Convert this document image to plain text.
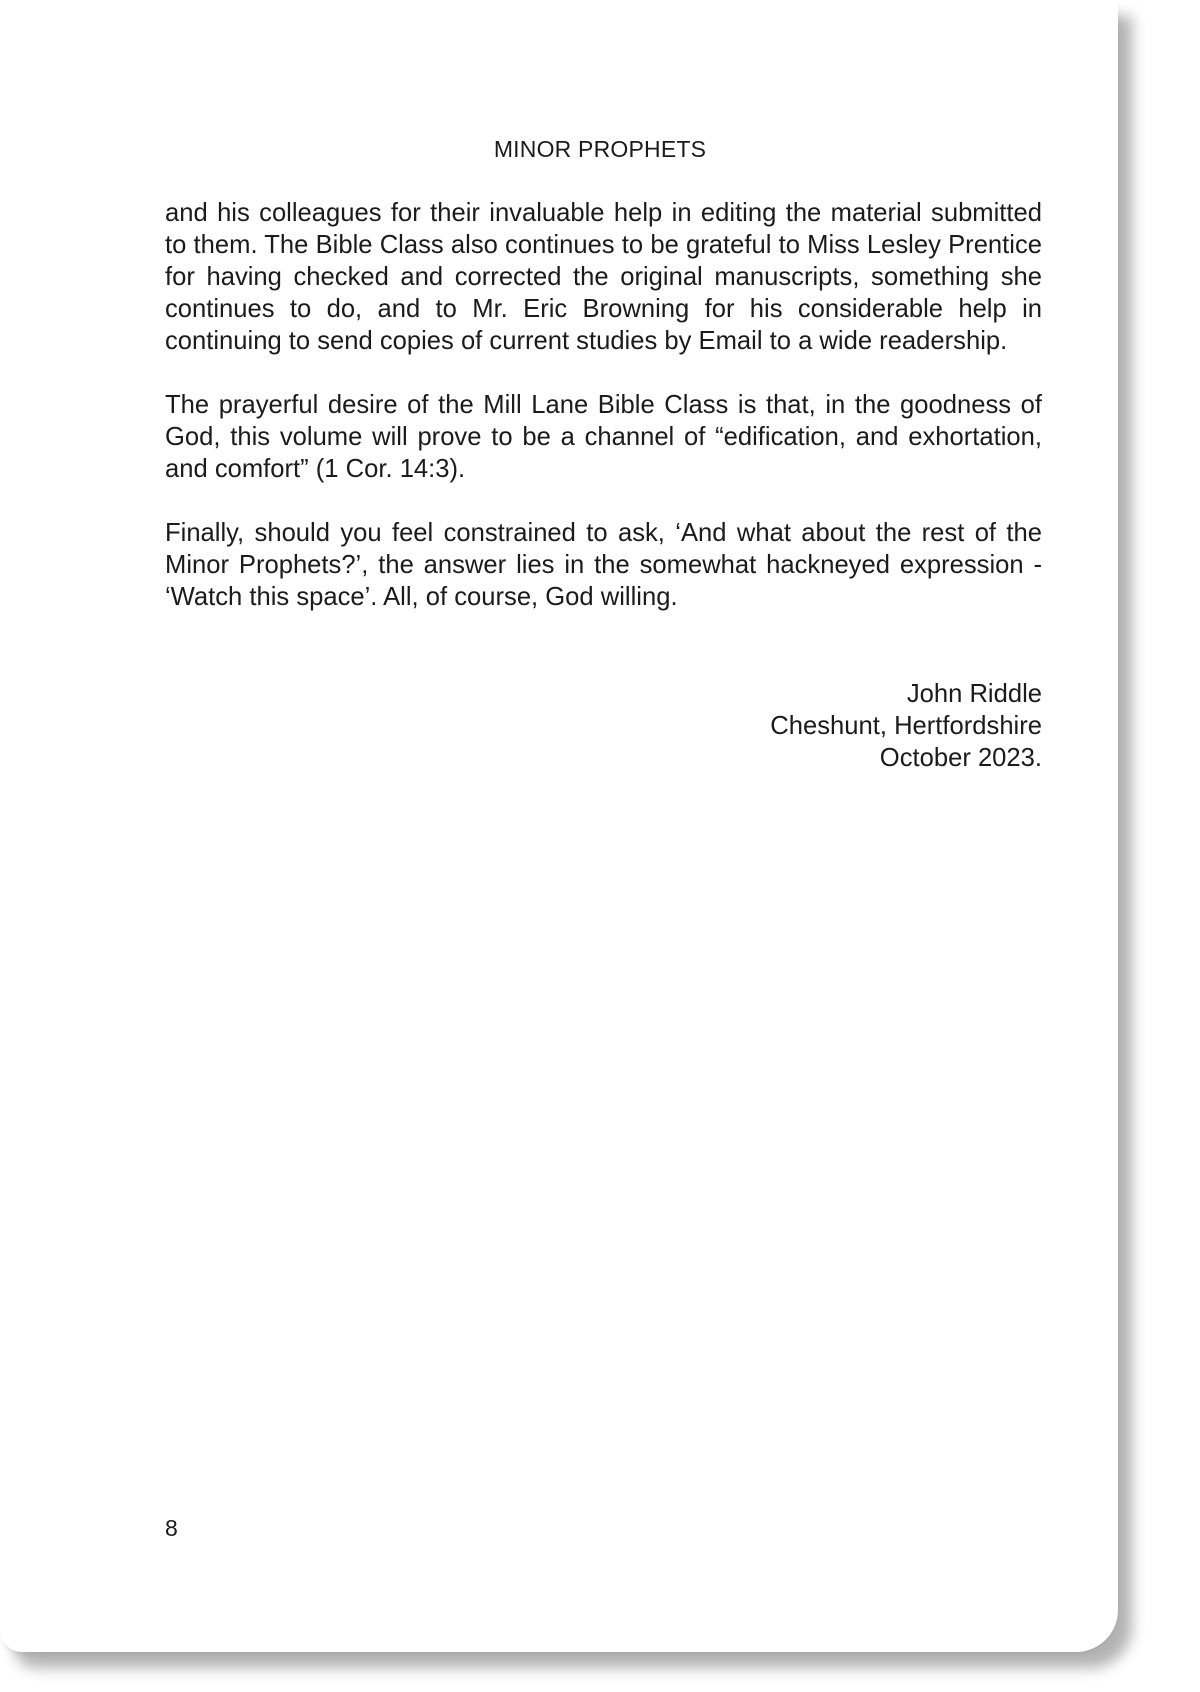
MINOR PROPHETS

and his colleagues for their invaluable help in editing the material submitted to them. The Bible Class also continues to be grateful to Miss Lesley Prentice for having checked and corrected the original manuscripts, something she continues to do, and to Mr. Eric Browning for his considerable help in continuing to send copies of current studies by Email to a wide readership.

The prayerful desire of the Mill Lane Bible Class is that, in the goodness of God, this volume will prove to be a channel of “edification, and exhortation, and comfort” (1 Cor. 14:3).

Finally, should you feel constrained to ask, ‘And what about the rest of the Minor Prophets?’, the answer lies in the somewhat hackneyed expression - ‘Watch this space’. All, of course, God willing.

John Riddle
Cheshunt, Hertfordshire
October 2023.
8
